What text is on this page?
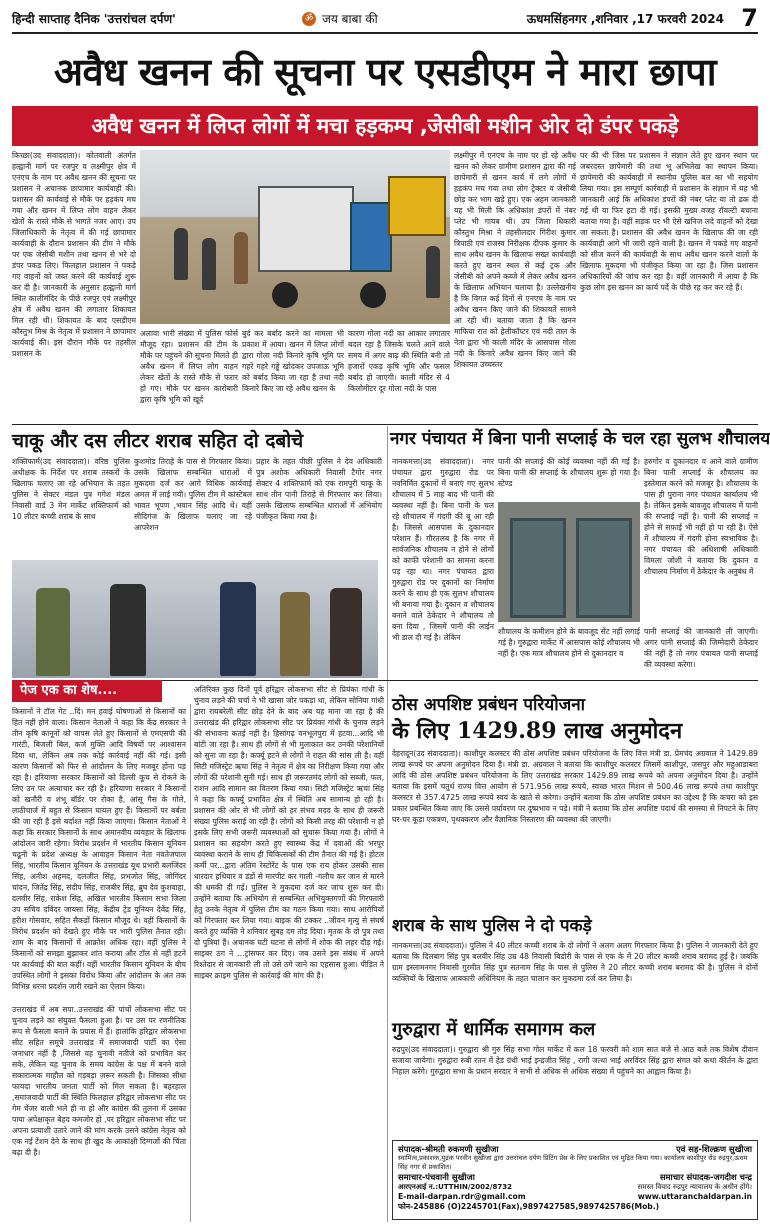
हिन्दी साप्ताह दैनिक 'उत्तरांचल दर्पण'	ॐ जय बाबा की	ऊधमसिंहनगर ,शनिवार ,17 फरवरी 2024 7
अवैध खनन की सूचना पर एसडीएम ने मारा छापा
अवैध खनन में लिप्त लोगों में मचा हड़कम्प ,जेसीबी मशीन ओर दो डंपर पकड़े
किच्छा(उद संवाददाता)। कोतवाली अंतर्गत हल्द्वानी मार्ग पर रजपुर व लक्ष्मीपुर क्षेत्र में एनएच के नाम पर अवैध खनन की सूचना पर प्रशासन ने अचानक छापामार कार्यवाही की। प्रशासन की कार्यवाई से मौके पर हड़कंप मच गया और खनन में लिप्त लोग वाहन लेकर खेतों के रास्ते मौके से भागते नजर आए। उप जिलाधिकारी के नेतृत्व में की गई छापामार कार्यवाही के दौरान प्रशासन की टीम ने मौके पर एक जेसीबी मशीन तथा खनन से भरे दो डंपर पकड़ लिए। फिलहाल प्रशासन ने पकड़े गए वाहनों को जब्त करने की कार्यवाई शुरू कर दी है। जानकारी के अनुसार हल्द्वानी मार्ग स्थित कालीमंदिर के पीछे रजपुर एवं लक्ष्मीपुर क्षेत्र में अवैध खनन की लगातार शिकायत मिल रही थी। शिकायत के बाद एसडीएम कौस्तुभ मिश्र के नेतृत्व में प्रशासन ने छापामार कार्यवाई की। इस दौरान मौके पर तहसील प्रशासन के
लक्ष्मीपुर में एनएच के नाम पर हो रहे अवैध खनन को लेकर ग्रामीण प्रशासन द्वारा की गई छापेमारी से खनन कार्य में लगे लोगों में हड़कंप मच गया तथा लोग ट्रेक्टर व जेसीबी छोड़ कर भाग खड़े हुए। एक अहम जानकारी यह भी मिली कि अधिकांश डंपरों में नंबर प्लेट भी गायब थी। उप जिला धिकारी कौस्तुभ मिश्रा ने तहसीलदार गिरीश कुमार त्रिपाठी एवं राजस्व निरीक्षक दीपक कुमार के साथ अवैध खनन के खिलाफ सख्त कार्यवाही करते हुए खनन स्थल से कई ट्रक और जेसीबी को अपने कब्जे में लेकर अवैध खनन के खिलाफ अभियान चलाया है। उल्लेखनीय है कि विगत कई दिनों से एनएच के नाम पर अवैध खनन किए जाने की शिकायतें सामने आ रही थी। बताया जाता है कि खनन माफिया रात को हेलीकॉप्टर एवं नदी ताल के नेता द्वारा भी काली मंदिर के आसपास गोला नदी के किनारे अवैध खनन किए जाने की शिकायत उच्चस्तर
पर की थी जिस पर प्रशासन ने संज्ञान लेते हुए खनन स्थान पर जबरदस्त छापेमारी की तथा भू अभिलेख का स्थापन किया। छापेमारी की कार्यवाही में स्थानीय पुलिस बल का भी सहयोग लिया गया। इस सम्पूर्ण कार्रवाही में प्रशासन के संज्ञान में यह भी जानकारी आई कि अधिकांश डंपरों की नंबर प्लेट या तो ढक दी गई थी या फिर हटा दी गई। इसकी मुख्य वजह रॉयल्टी बचाना बताया गया है। वहीं सड़क पर भी ऐसे खनिज लदे वाहनों को देखा जा सकता है। प्रशासन की अवैध खनन के खिलाफ की जा रही कार्यवाही आगे भी जारी रहने वाली है। खनन में पकड़े गए वाहनों को सीज करने की कार्यवाही के साथ अवैध खनन करने वालों के खिलाफ मुकदमा भी पंजीकृत किया जा रहा है। जिस प्रशासन अधिकारियों की जांच कर रहा है। वहीं जानकारी में आया है कि कुछ लोग इस खनन का कार्य पर्दे के पीछे रह कर कर रहे हैं।
अलावा भारी संख्या में पुलिस फोर्स मौजूद रहा। प्रशासन की टीम के मौके पर पहुंचने की सूचना मिलते ही अवैध खनन में लिप्त लोग वाहन लेकर खेतों के रास्ते मौके से फरार हो गए। मौके पर खनन कारोबारी द्वारा कृषि भूमि को खूर्द
बुर्द कर बर्बाद करने का मामला भी प्रकाश में आया। खनन में लिप्त लोगों द्वारा गोला नदी किनारे कृषि भूमि पर गहरे गहरे गड्ढे खोदकर उपजाऊ भूमि को बर्बाद किया जा रहा है तथा नदी किनारे किए जा रहे अवैध खनन के
कारण गोला नदी का आकार लगातार बदल रहा है जिसके चलते आने वाले समय में अगर बाढ़ की स्थिति बनी तो हजारों एकड़ कृषि भूमि और फसल बर्बाद हो जाएगी। काली मंदिर से 4 किलोमीटर दूर गोला नदी के पास
चाकू और दस लीटर शराब सहित दो दबोचे
शक्तिफार्म(उद संवाददाता)। वरिष्ठ पुलिस अधीक्षक के निर्देश पर शराब तस्करों के खिलाफ चलाए जा रहे अभियान के तहत पुलिस ने सेक्टर मंडल पुत्र गगेश मंडल निवासी वार्ड 3 मेन मार्केट शक्तिफार्म को 10 लीटर कच्ची शराब के साथ
कुशमोड तिराहे के पास से गिरफ्तार किया। उसके खिलाफ सम्बन्धित धाराओं में मुकदमा दर्ज कर आगे विधिक कार्यवाई अमल में लाई गयी। पुलिस टीम में कांस्टेबल भावत भूपण ,भवान सिंह आदि थे। वहीं सीदिगंज के खिलाफ चलाए जा रहे आपरेशन
प्रहार के तहत पीछी पुलिस ने देव अधिकारी पुत्र अशोक अधिकारी निवासी टैगोर नगर सेक्टर 4 शक्तिफार्म को एक रामपुरी चाकू के साथ तीन पानी तिराहे से गिरफ्तार कर लिया। उसके खिलाफ सम्बन्धित धाराओं में अभियोग पंजीकृत किया गया है।
नगर पंचायत में बिना पानी सप्लाई के चल रहा सुलभ शौचालय
नानकमत्ता(उद संवाददाता)। नगर पंचायत द्वारा गुरुद्वारा रोड पर नवनिर्मित दुकानों में बनाएं गए सुलभ शौचालय में 5 माह बाद भी पानी की व्यवस्था नहीं है। बिना पानी के चल रहे शौचालय में गंदगी की बू आ रही है। जिससे आसपास के दुकानदार परेशान हैं। गौरतलब है कि नगर में सार्वजनिक शौचालय न होने से लोगों को काफी परेशानी का सामना करना पड़ रहा था। नगर पंचायत द्वारा गुरुद्वारा रोड पर दुकानों का निर्माण करने के साथ ही एक सुलभ शौचालय भी बनाया गया है। दुकान व शौचालय बनाने वाले ठेकेदार ने शौचालय तो बना दिया , जिसमें पानी की लाईन भी डाल दी गई है। लेकिन
पानी की सप्लाई की कोई व्यवस्था नहीं की गई है। बिना पानी की सप्लाई के शौचालय शुरू हो गया है। स्टेण्ड
शौचालय के कमीशन होने के बावजूद सेंट नहीं लगाई गई है। गुरुद्वारा मार्केट में आसपास कोई शौचालय भी नहीं है। एक मात्र शौचालय होने से दुकानदार व
हरुगोर व दुकानदार व आने वाले ग्रामीण बिना पानी सप्लाई के शौचालय का इस्तेमाल करने को मजबूर है। शौचालय के पास ही पुराना नगर पंचायत कार्यालय भी है। लेकिन इसके बावजूद शौचालय में पानी की सप्लाई नहीं है। पानी की सप्लाई न होने से सफ़ाई भी नहीं हो पा रही है। ऐसे में शौचालय में गंदगी होना स्वभाविक है। नगर पंचायत की अधिशाषी अधिकारी विमला जोशी ने बताया कि दुकान व शौचालय निर्माण में ठेकेदार के अनुबंध में
पानी सप्लाई की जानकारी ली जाएगी। अगर पानी सप्लाई की जिम्मेदारी ठेकेदार की नहीं है तो नगर पंचायत पानी सप्लाई की व्यवस्था करेगा।
पेज एक का शेष....
किसानों ने टॉल गेट ..दिं। मन हवाई घोषणाओं से किसानों का हित नहीं होने वाला। किसान नेताओं ने कहा कि केंद्र सरकार ने तीन कृषि कानूनों को वापस लेते हुए किसानों से एमएसपी की गारंटी, बिजली बिल, कर्ज मुक्ति आदि विषयों पर आश्वासन दिया था, लेकिन अब तक कोई कार्रवाई नहीं की गई। इसी कारण किसानों को फिर से आंदोलन के लिए मजबूर होना पड़ रहा है। हरियाणा सरकार किसानों को दिल्ली कूच से रोकने के लिए उन पर अत्याचार कर रही है। हरियाणा सरकार ने किसानों को खनौरी व शंभू बॉर्डर पर रोका है, आंसू गैस के गोले, लाठीचार्ज में बहुत से किसान घायल हुए हैं। किसानों पर बर्बता की जा रही है इसे बर्दाश्त नहीं किया जाएगा। किसान नेताओं ने कहा कि सरकार किसानों के साथ अमानवीय व्यवहार के खिलाफ आंदोलन जारी रहेगा। विरोध प्रदर्शन में भारतीय किसान यूनियन चढूनी के प्रदेश अध्यक्ष के आवाहन किसान नेता नवतेजपाल सिंह, भारतीय किसान यूनियन के उत्तराखंड यूथ प्रभारी बलजिंदर सिंह, अनीश अहमद, दलजीत सिंह, प्रभजोत सिंह, जोगिंदर चांदन, जितेंद्र सिंह, संदीप सिंह, राजबीर सिंह, ब्रुघ देव कुशवाहा, दलवीर सिंह, राकेश सिंह, अखिल भारतीय किसान सभा जिला उप सचिव दविंदर जायसा सिंह, केंद्रीय ट्रेड यूनियन देवेंद्र सिंह, हरीश गोसवार, सहित सैकड़ों किसान मौजूद थे। वहीं किसानों के विरोध प्रदर्शन को देखते हुए मौके पर भारी पुलिस तैनात रही। शाम के बाद किसानों में आक्रोश अधिक रहा। वहीं पुलिस ने किसानों को समझा बुझाकर शांत कराया और टॉल से नहीं हटने पर कार्यवाई की बात कहीं। वहीं भारतीय किसान यूनियन के बीच उपस्थित लोगों ने इसका विरोध किया और आंदोलन के अंत तक विभिन्न धरना प्रदर्शन जारी रखने का ऐलान किया।
उत्तराखंड में अब सपा..उत्तराखंड की पांचों लोकसभा सीट पर चुनाव लड़ने का संयुक्त फैसला हुआ है। पर उस पर रणनीतिक रूप से फैसला बनाने के प्रयास में हैं। हालांकि हरिद्वार लोकसभा सीट सहित समूचे उत्तराखंड में समाजवादी पार्टी का ऐसा जनाधार नहीं है ,जिससे वह चुनावी नतीजे को प्रभावित कर सके, लेकिन यह चुनाव के समय कांग्रेस के पक्ष में बनने वाले सकारात्मक माहौल को गड़बड़ा ज़रूर सकती है। जिसका सीधा फायदा भारतीय जनता पार्टी को मिल सकता है। बहरहाल ,समाजवादी पार्टी की स्थिति फिलहाल हरिद्वार लोकसभा सीट पर गेम चेंजर वाली भले ही ना हो और कांग्रेस की तुलना में उसका पाया अपेक्षाकृत बेहद कमजोर हो ,पर हरिद्वार लोकसभा सीट पर अपना प्रत्याशी उतारे जाने की मांग करके उसने कांग्रेस नेतृत्व को एक नई टेंशन देने के साथ ही खुद के आकांक्षी दिग्गजों की चिंता बढ़ा दी है।
अतिरिक्त कुछ दिनों पूर्व हरिद्वार लोकसभा सीट से प्रियंका गांधी के चुनाव लड़ने की चर्चा ने भी खासा जोर पकड़ा था, लेकिन सोनिया गांधी द्वारा रायबरेली सीट छोड़ देने के बाद अब यह माना जा रहा है की उत्तराखंड की हरिद्वार लोकसभा सीट पर प्रियंका गांधी के चुनाव लड़ने की संभावना कतई नहीं है। हिसांगढ़ वनभूलपुरा में हटवा...आदि भी बांटी जा रहा है। साथ ही लोगों से भी मुलाकात कर उनकी परेशानियों को सुना जा रहा है। कर्फ्यू हटने से लोगों ने राहत की सांस ली है। वहीं सिटी मजिस्ट्रेट ऋचा सिंह ने नेतृत्व में क्षेत्र का निरीक्षण किया गया और लोगों की परेशानी सुनी गई। साथ ही जरूरतमंद लोगों को सब्जी, फल, राशन आदि सामान का वितरण किया गया। सिटी मजिस्ट्रेट ऋचा सिंह ने कहा कि कर्फ्यू प्रभावित क्षेत्र में स्थिति अब सामान्य हो रही है। प्रशासन की ओर से भी लोगों को हर संभव मदद के साथ ही जरूरी संख्या पुलिस कराई जा रही है। लोगों को किसी तरह की परेशानी न हो इसके लिए सभी जरूरी व्यवस्थाओं को सुचारू किया गया है। लोगों ने प्रशासन का सहयोग करते हुए स्वास्थ्य केंद्र में दवाओं की भरपूर व्यवस्था कराने के साथ ही चिकित्सकों की टीम तैनात की गई है। होटल कर्मी पर...द्वारा अंतिम रेस्टोरेंट के पास एक राय होकर उसकी सास धारदार हथियार व डंडों से मारपीट कर गाली -गलौच कर जान से मारने की धमकी दी गई। पुलिस ने मुकदमा दर्ज कर जांच शुरू कर दी। उन्होंने बताया कि अभियोग से सम्बन्धित अभियुक्तगणों की गिरफ्तारी हेतु उनके नेतृत्व में पुलिस टीम का गठन किया गया। साथ आरोपियों को गिरफ्तार कर लिया गया। बाइक की टक्कर ..जीवन मृत्यु से संघर्ष करते हुए व्यक्ति ने शनिवार सुबह दम तोड़ दिया। मृतक के दो पुत्र तथा दो पुत्रियां हैं। अचानक घटी घटना से लोगों में शोक की लहर दौड़ गई। साइबर ठग ने ...ट्रांसफर कर दिए। जब उसने इस संबंध में अपने रिश्तेदार से जानकारी ली तो उसे ठगे जाने का एहसास हुआ। पीड़ित ने साइबर क्राइम पुलिस से कार्रवाई की मांग की है।
ठोस अपशिष्ट प्रबंधन परियोजना
के लिए 1429.89 लाख अनुमोदन
देहरादून(उद संवाददाता)। काशीपुर कलस्टर की ठोस अपशिष्ट प्रबंधन परियोजना के लिए वित्त मंत्री डा. प्रेमचंद अग्रवाल ने 1429.89 लाख रूपये पर अपना अनुमोदन दिया है। मंत्री डा. अग्रवाल ने बताया कि काशीपुर कलस्टर जिसमें काशीपुर, जसपुर और महुआडाबरा आदि की ठोस अपशिष्ट प्रबंधन परियोजना के लिए उत्तराखंड सरकार 1429.89 लाख रूपये को अपना अनुमोदन दिया है। उन्होंने बताया कि इसमें चतुर्थ राज्य वित्त आयोग से 571.956 लाख रूपये, स्वच्छ भारत मिशन से 500.46 लाख रूपये तथा काशीपुर कलस्टर से 357.4725 लाख रूपये स्वयं के खाते से करेगा। उन्होंने बताया कि ठोस अपशिष्ट प्रबंधन का उद्देश्य है कि कचरा को इस प्रकार प्रबन्धित किया जाए कि उससे पर्यावरण पर दुष्प्रभाव न पड़े। मंत्री ने बताया कि ठोस अपशिष्ट पदार्थ की समस्या से निपटने के लिए घर-घर कूड़ा एकत्रण, पृथक्करण और वैज्ञानिक निस्तारण की व्यवस्था की जाएगी।
शराब के साथ पुलिस ने दो पकड़े
नानकमत्ता(उद संवाददाता)। पुलिस ने 40 लीटर कच्ची शराब के दो लोगों ने अलग अलग गिरफ्तार किया है। पुलिस ने जानकारी देते हुए बताया कि दिलबाग सिंह पुत्र बलवीर सिंह उम्र 48 निवासी बिडोरी के पास से एक के में 20 लीटर कच्ची शराब बरामद हुई है। जबकि ग्राम इस्लामनगर निवासी गुरमीत सिंह पुत्र सतनाम सिंह के पास से पुलिस ने 20 लीटर कच्ची शराब बरामद की है। पुलिस ने दोनों व्यक्तियों के खिलाफ आबकारी अधिनियम के तहत चालान कर मुकदमा दर्ज कर लिया है।
गुरुद्वारा में धार्मिक समागम कल
रुद्रपुर(उद संवाददाता)। गुरुद्वारा श्री गुरु सिंह सभा गोल मार्केट में कल 18 फरवरी को शाम सात बजे से आठ बजे तक विशेष दीवान सजाया जायेगा। गुरुद्वारा रुबी रतन में हेड ग्रंथी भाई इन्द्रजीत सिंह , रागी जत्था भाई अरविंदर सिंह द्वारा संगत को कथा कीर्तन के द्वारा निहाल करेंगे। गुरुद्वारा सभा के प्रधान सरदार ने सभी से अधिक से अधिक संख्या में पहुंचने का आह्वान किया है।
संपादक-श्रीमती रुकमणी सुखीजा	एवं सह-शिल्क्रण सुखीजा
स्वामित्व,प्रकाशक,मुद्रक परवीन सुखीजा द्वारा उत्तरांचल दर्पण प्रिंटिंग प्रेस के लिए प्रकाशित एवं मुद्रित किया गया। कार्यालय काशीपुर रोड रुद्रपुर,ऊधम सिंह नगर से प्रकाशित।
समाचार-पंचवानी सुखीजा	समाचार संपादक-जगदीश चन्द्र
आरएनआई न.:UTTHIN/2002/8732	समस्त विवाद रुद्रपुर न्यायालय के अधीन होंगे।
E-mail-darpan.rdr@gmail.com	www.uttaranchaldarpan.in
फोन-245886 (O)2245701(Fax),9897427585,9897425786(Mob.)
